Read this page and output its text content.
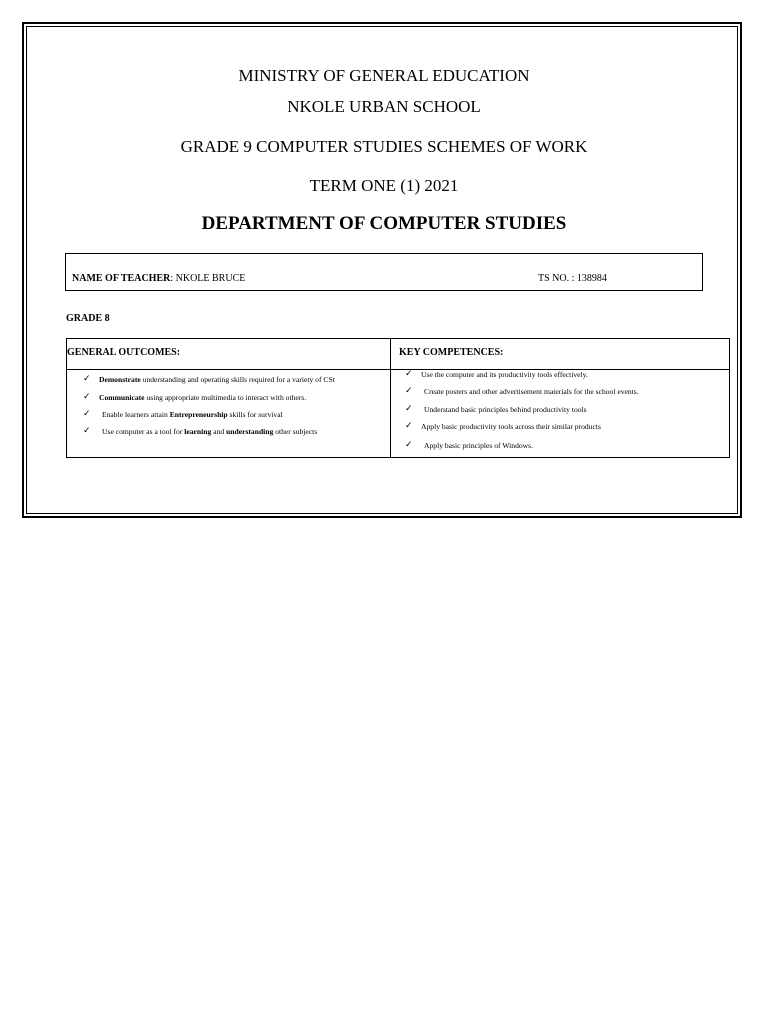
MINISTRY OF GENERAL EDUCATION
NKOLE URBAN SCHOOL
GRADE 9 COMPUTER STUDIES SCHEMES OF WORK
TERM ONE (1) 2021
DEPARTMENT OF COMPUTER STUDIES
NAME OF TEACHER: NKOLE BRUCE	TS NO. : 138984
GRADE 8
GENERAL OUTCOMES:	KEY COMPETENCES:
✓ Demonstrate understanding and operating skills required for a variety of CSt
✓ Communicate using appropriate multimedia to interact with others.
✓ Enable learners attain Entrepreneurship skills for survival
✓ Use computer as a tool for learning and understanding other subjects
✓ Use the computer and its productivity tools effectively.
✓ Create posters and other advertisement materials for the school events.
✓ Understand basic principles behind productivity tools
✓ Apply basic productivity tools across their similar products
✓ Apply basic principles of Windows.
